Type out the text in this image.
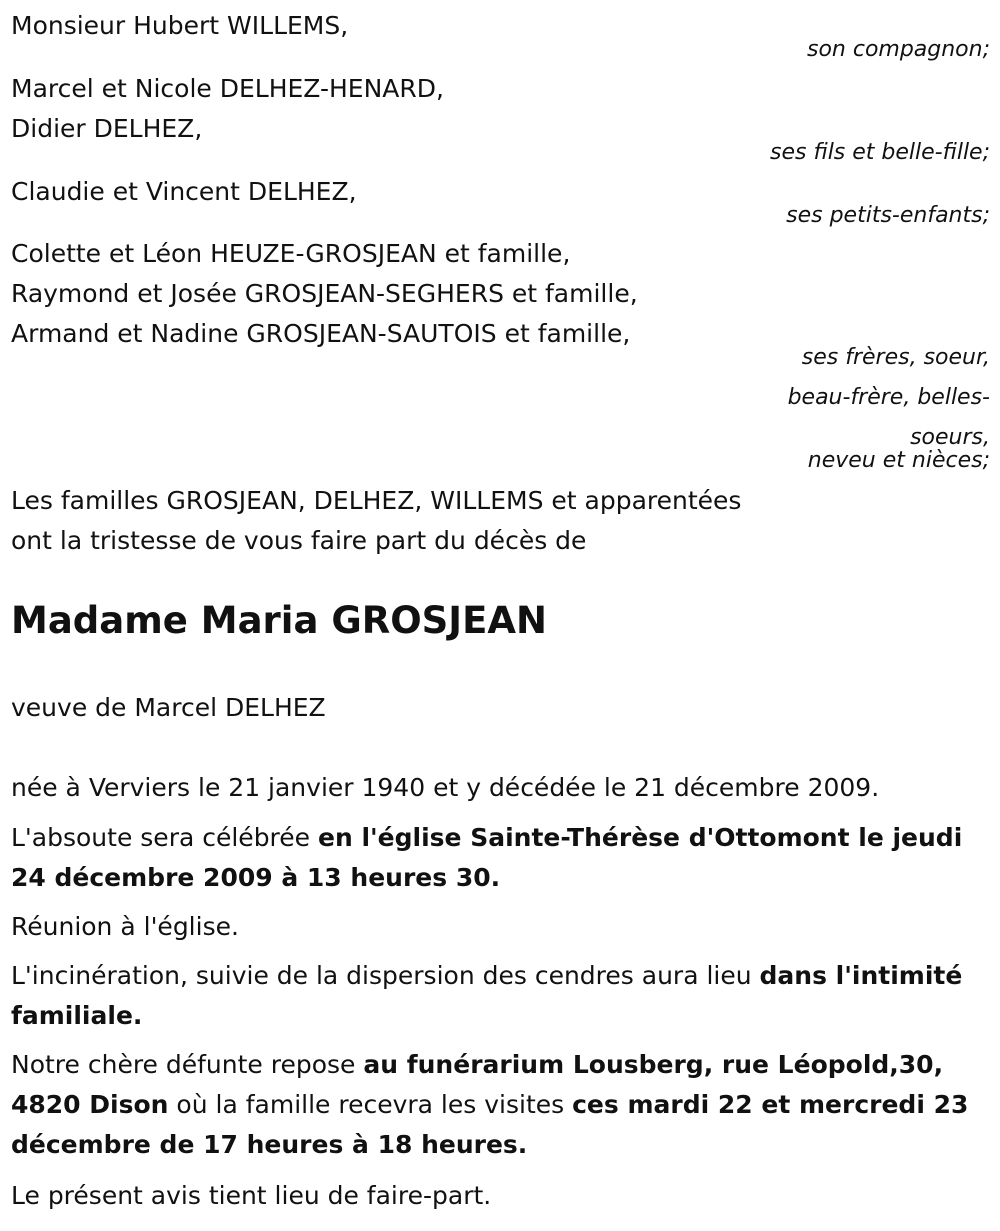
Monsieur Hubert WILLEMS,
son compagnon;
Marcel et Nicole DELHEZ-HENARD,
Didier DELHEZ,
ses fils et belle-fille;
Claudie et Vincent DELHEZ,
ses petits-enfants;
Colette et Léon HEUZE-GROSJEAN et famille,
Raymond et Josée GROSJEAN-SEGHERS et famille,
Armand et Nadine GROSJEAN-SAUTOIS et famille,
ses frères, soeur,
beau-frère, belles-
soeurs,
neveu et nièces;
Les familles GROSJEAN, DELHEZ, WILLEMS et apparentées
ont la tristesse de vous faire part du décès de
Madame Maria GROSJEAN
veuve de Marcel DELHEZ
née à Verviers le 21 janvier 1940 et y décédée le 21 décembre 2009.
L'absoute sera célébrée en l'église Sainte-Thérèse d'Ottomont le jeudi 24 décembre 2009 à 13 heures 30.
Réunion à l'église.
L'incinération, suivie de la dispersion des cendres aura lieu dans l'intimité familiale.
Notre chère défunte repose au funérarium Lousberg, rue Léopold,30, 4820 Dison où la famille recevra les visites ces mardi 22 et mercredi 23 décembre de 17 heures à 18 heures.
Le présent avis tient lieu de faire-part.
